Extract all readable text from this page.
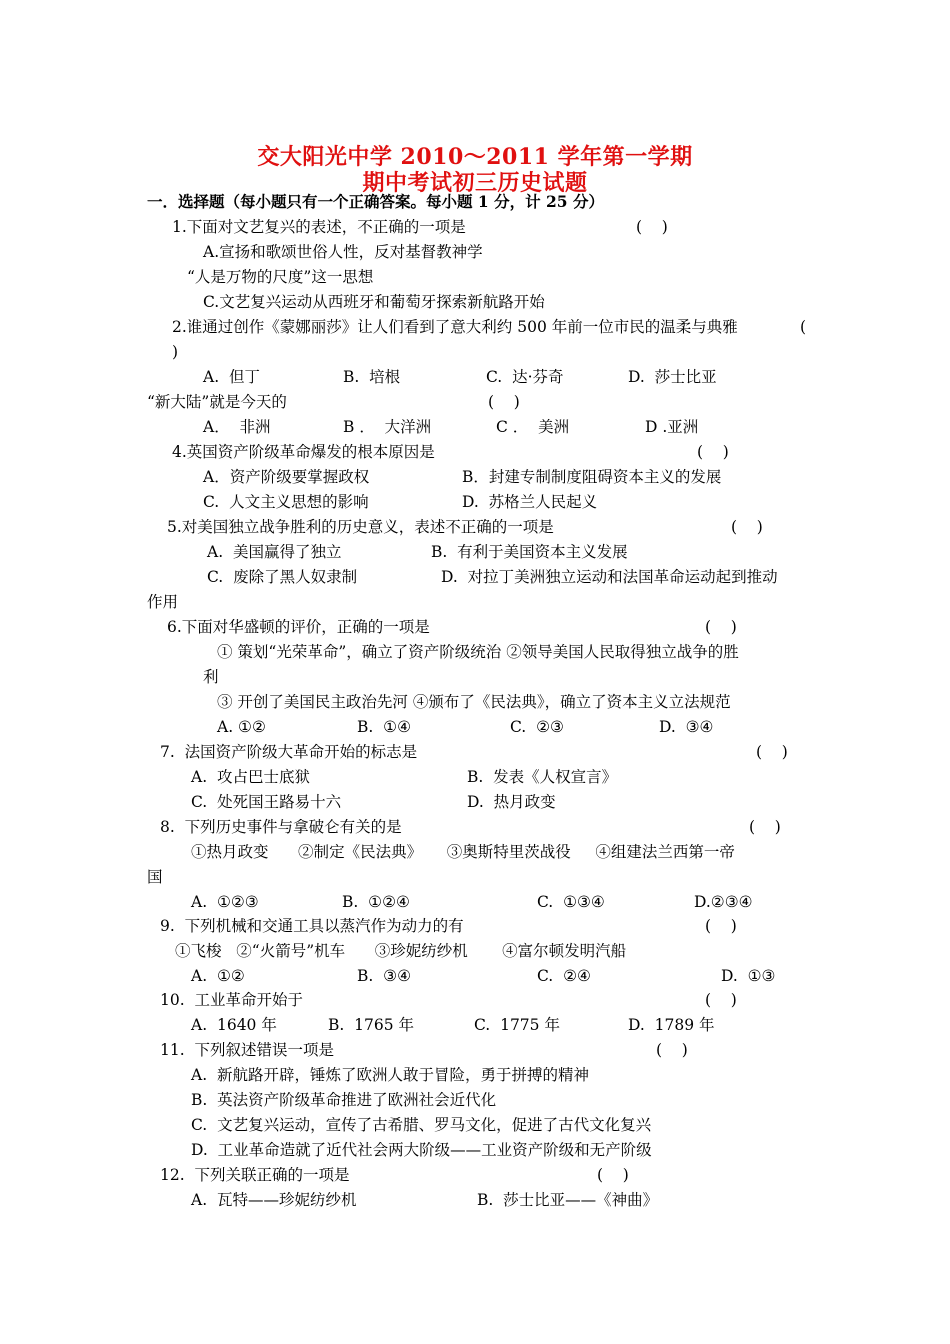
交大阳光中学 2010～2011 学年第一学期
期中考试初三历史试题
一．选择题（每小题只有一个正确答案。每小题 1 分，计 25 分）
1.下面对文艺复兴的表述，不正确的一项是	(    )
A.宣扬和歌颂世俗人性，反对基督教神学
“人是万物的尺度”这一思想
C.文艺复兴运动从西班牙和葡萄牙探索新航路开始
2.谁通过创作《蒙娜丽莎》让人们看到了意大利约 500 年前一位市民的温柔与典雅	(
)
A.  但丁	B.  培根	C.  达·芬奇	D.  莎士比亚
“新大陆”就是今天的	(    )
A．  非洲	B ．  大洋洲	C ．  美洲	D .亚洲
4.英国资产阶级革命爆发的根本原因是	(    )
A．资产阶级要掌握政权	B．封建专制制度阻碍资本主义的发展
C.  人文主义思想的影响	D.  苏格兰人民起义
5.对美国独立战争胜利的历史意义，表述不正确的一项是	(    )
A.  美国赢得了独立	B.  有利于美国资本主义发展
C.  废除了黑人奴隶制	D.  对拉丁美洲独立运动和法国革命运动起到推动
作用
6.下面对华盛顿的评价，正确的一项是	(    )
① 策划“光荣革命”，确立了资产阶级统治 ②领导美国人民取得独立战争的胜
利
③ 开创了美国民主政治先河 ④颁布了《民法典》，确立了资本主义立法规范
A. ①②	B.  ①④	C.  ②③	D.  ③④
7.  法国资产阶级大革命开始的标志是	(    )
A.  攻占巴士底狱	B.  发表《人权宣言》
C.  处死国王路易十六	D.  热月政变
8.  下列历史事件与拿破仑有关的是	(    )
①热月政变      ②制定《民法典》     ③奥斯特里茨战役     ④组建法兰西第一帝
国
A.  ①②③	B.  ①②④	C.  ①③④	D.②③④
9.  下列机械和交通工具以蒸汽作为动力的有	(    )
①飞梭   ②“火箭号”机车      ③珍妮纺纱机       ④富尔顿发明汽船
A.  ①②	B.  ③④	C.  ②④	D.  ①③
10.  工业革命开始于	(    )
A.  1640 年	B.  1765 年	C.  1775 年	D.  1789 年
11.  下列叙述错误一项是	(    )
A.  新航路开辟，锤炼了欧洲人敢于冒险，勇于拼搏的精神
B.  英法资产阶级革命推进了欧洲社会近代化
C.  文艺复兴运动，宣传了古希腊、罗马文化，促进了古代文化复兴
D.  工业革命造就了近代社会两大阶级——工业资产阶级和无产阶级
12.  下列关联正确的一项是	(    )
A.  瓦特——珍妮纺纱机	B.  莎士比亚——《神曲》
